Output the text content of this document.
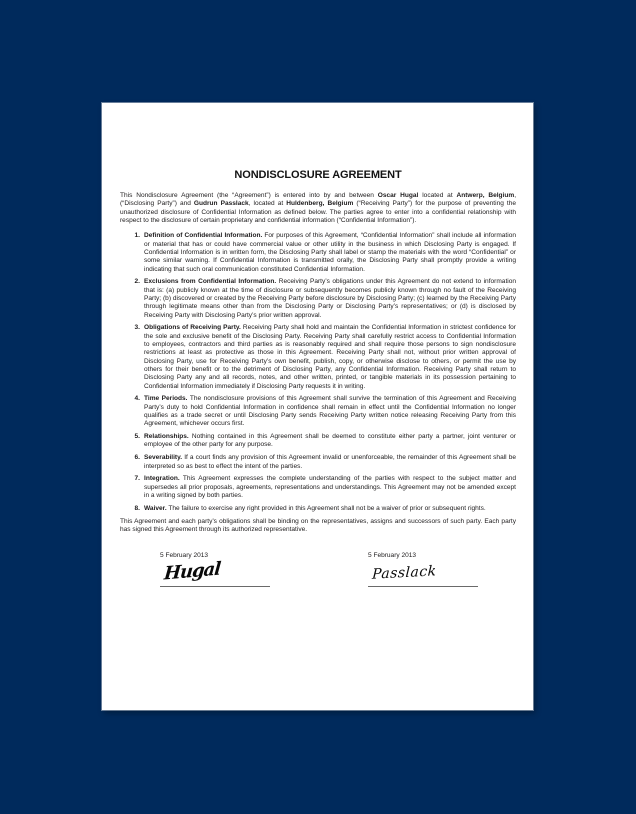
NONDISCLOSURE AGREEMENT

This Nondisclosure Agreement (the “Agreement”) is entered into by and between Oscar Hugal located at Antwerp, Belgium, (“Disclosing Party”) and Gudrun Passlack, located at Huldenberg, Belgium (“Receiving Party”) for the purpose of preventing the unauthorized disclosure of Confidential Information as defined below. The parties agree to enter into a confidential relationship with respect to the disclosure of certain proprietary and confidential information (“Confidential Information”).

1. Definition of Confidential Information. For purposes of this Agreement, “Confidential Information” shall include all information or material that has or could have commercial value or other utility in the business in which Disclosing Party is engaged. If Confidential Information is in written form, the Disclosing Party shall label or stamp the materials with the word “Confidential” or some similar warning. If Confidential Information is transmitted orally, the Disclosing Party shall promptly provide a writing indicating that such oral communication constituted Confidential Information.
2. Exclusions from Confidential Information. Receiving Party’s obligations under this Agreement do not extend to information that is: (a) publicly known at the time of disclosure or subsequently becomes publicly known through no fault of the Receiving Party; (b) discovered or created by the Receiving Party before disclosure by Disclosing Party; (c) learned by the Receiving Party through legitimate means other than from the Disclosing Party or Disclosing Party’s representatives; or (d) is disclosed by Receiving Party with Disclosing Party’s prior written approval.
3. Obligations of Receiving Party. Receiving Party shall hold and maintain the Confidential Information in strictest confidence for the sole and exclusive benefit of the Disclosing Party. Receiving Party shall carefully restrict access to Confidential Information to employees, contractors and third parties as is reasonably required and shall require those persons to sign nondisclosure restrictions at least as protective as those in this Agreement. Receiving Party shall not, without prior written approval of Disclosing Party, use for Receiving Party’s own benefit, publish, copy, or otherwise disclose to others, or permit the use by others for their benefit or to the detriment of Disclosing Party, any Confidential Information. Receiving Party shall return to Disclosing Party any and all records, notes, and other written, printed, or tangible materials in its possession pertaining to Confidential Information immediately if Disclosing Party requests it in writing.
4. Time Periods. The nondisclosure provisions of this Agreement shall survive the termination of this Agreement and Receiving Party’s duty to hold Confidential Information in confidence shall remain in effect until the Confidential Information no longer qualifies as a trade secret or until Disclosing Party sends Receiving Party written notice releasing Receiving Party from this Agreement, whichever occurs first.
5. Relationships. Nothing contained in this Agreement shall be deemed to constitute either party a partner, joint venturer or employee of the other party for any purpose.
6. Severability. If a court finds any provision of this Agreement invalid or unenforceable, the remainder of this Agreement shall be interpreted so as best to effect the intent of the parties.
7. Integration. This Agreement expresses the complete understanding of the parties with respect to the subject matter and supersedes all prior proposals, agreements, representations and understandings. This Agreement may not be amended except in a writing signed by both parties.
8. Waiver. The failure to exercise any right provided in this Agreement shall not be a waiver of prior or subsequent rights.

This Agreement and each party’s obligations shall be binding on the representatives, assigns and successors of such party. Each party has signed this Agreement through its authorized representative.

5 February 2013
Hugal
5 February 2013
Passlack
